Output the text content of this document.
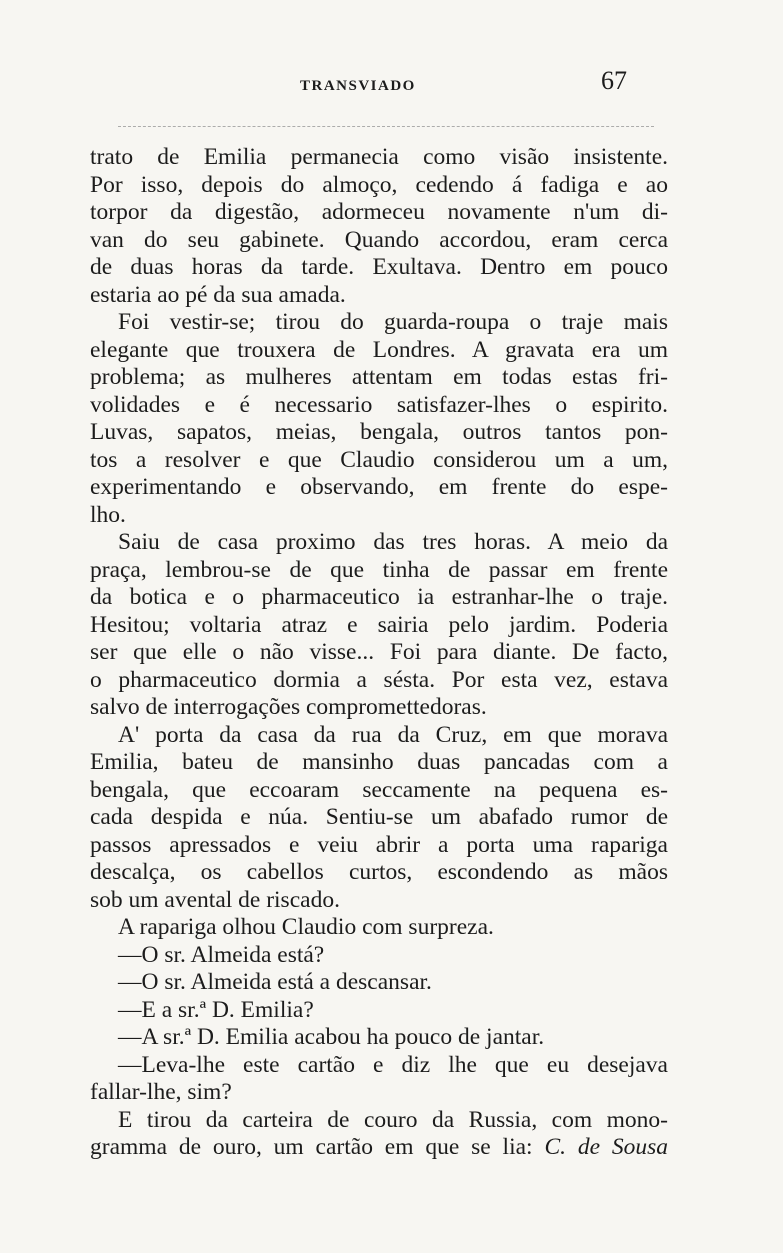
TRANSVIADO	67
trato de Emilia permanecia como visão insistente.
Por isso, depois do almoço, cedendo á fadiga e ao
torpor da digestão, adormeceu novamente n'um di-
van do seu gabinete. Quando accordou, eram cerca
de duas horas da tarde. Exultava. Dentro em pouco
estaria ao pé da sua amada.
Foi vestir-se; tirou do guarda-roupa o traje mais
elegante que trouxera de Londres. A gravata era um
problema; as mulheres attentam em todas estas fri-
volidades e é necessario satisfazer-lhes o espirito.
Luvas, sapatos, meias, bengala, outros tantos pon-
tos a resolver e que Claudio considerou um a um,
experimentando e observando, em frente do espe-
lho.
Saiu de casa proximo das tres horas. A meio da
praça, lembrou-se de que tinha de passar em frente
da botica e o pharmaceutico ia estranhar-lhe o traje.
Hesitou; voltaria atraz e sairia pelo jardim. Poderia
ser que elle o não visse... Foi para diante. De facto,
o pharmaceutico dormia a sésta. Por esta vez, estava
salvo de interrogações compromettedoras.
A' porta da casa da rua da Cruz, em que morava
Emilia, bateu de mansinho duas pancadas com a
bengala, que eccoaram seccamente na pequena es-
cada despida e núa. Sentiu-se um abafado rumor de
passos apressados e veiu abrir a porta uma rapariga
descalça, os cabellos curtos, escondendo as mãos
sob um avental de riscado.
A rapariga olhou Claudio com surpreza.
—O sr. Almeida está?
—O sr. Almeida está a descansar.
—E a sr.ª D. Emilia?
—A sr.ª D. Emilia acabou ha pouco de jantar.
—Leva-lhe este cartão e diz lhe que eu desejava
fallar-lhe, sim?
E tirou da carteira de couro da Russia, com mono-
gramma de ouro, um cartão em que se lia: C. de Sousa
